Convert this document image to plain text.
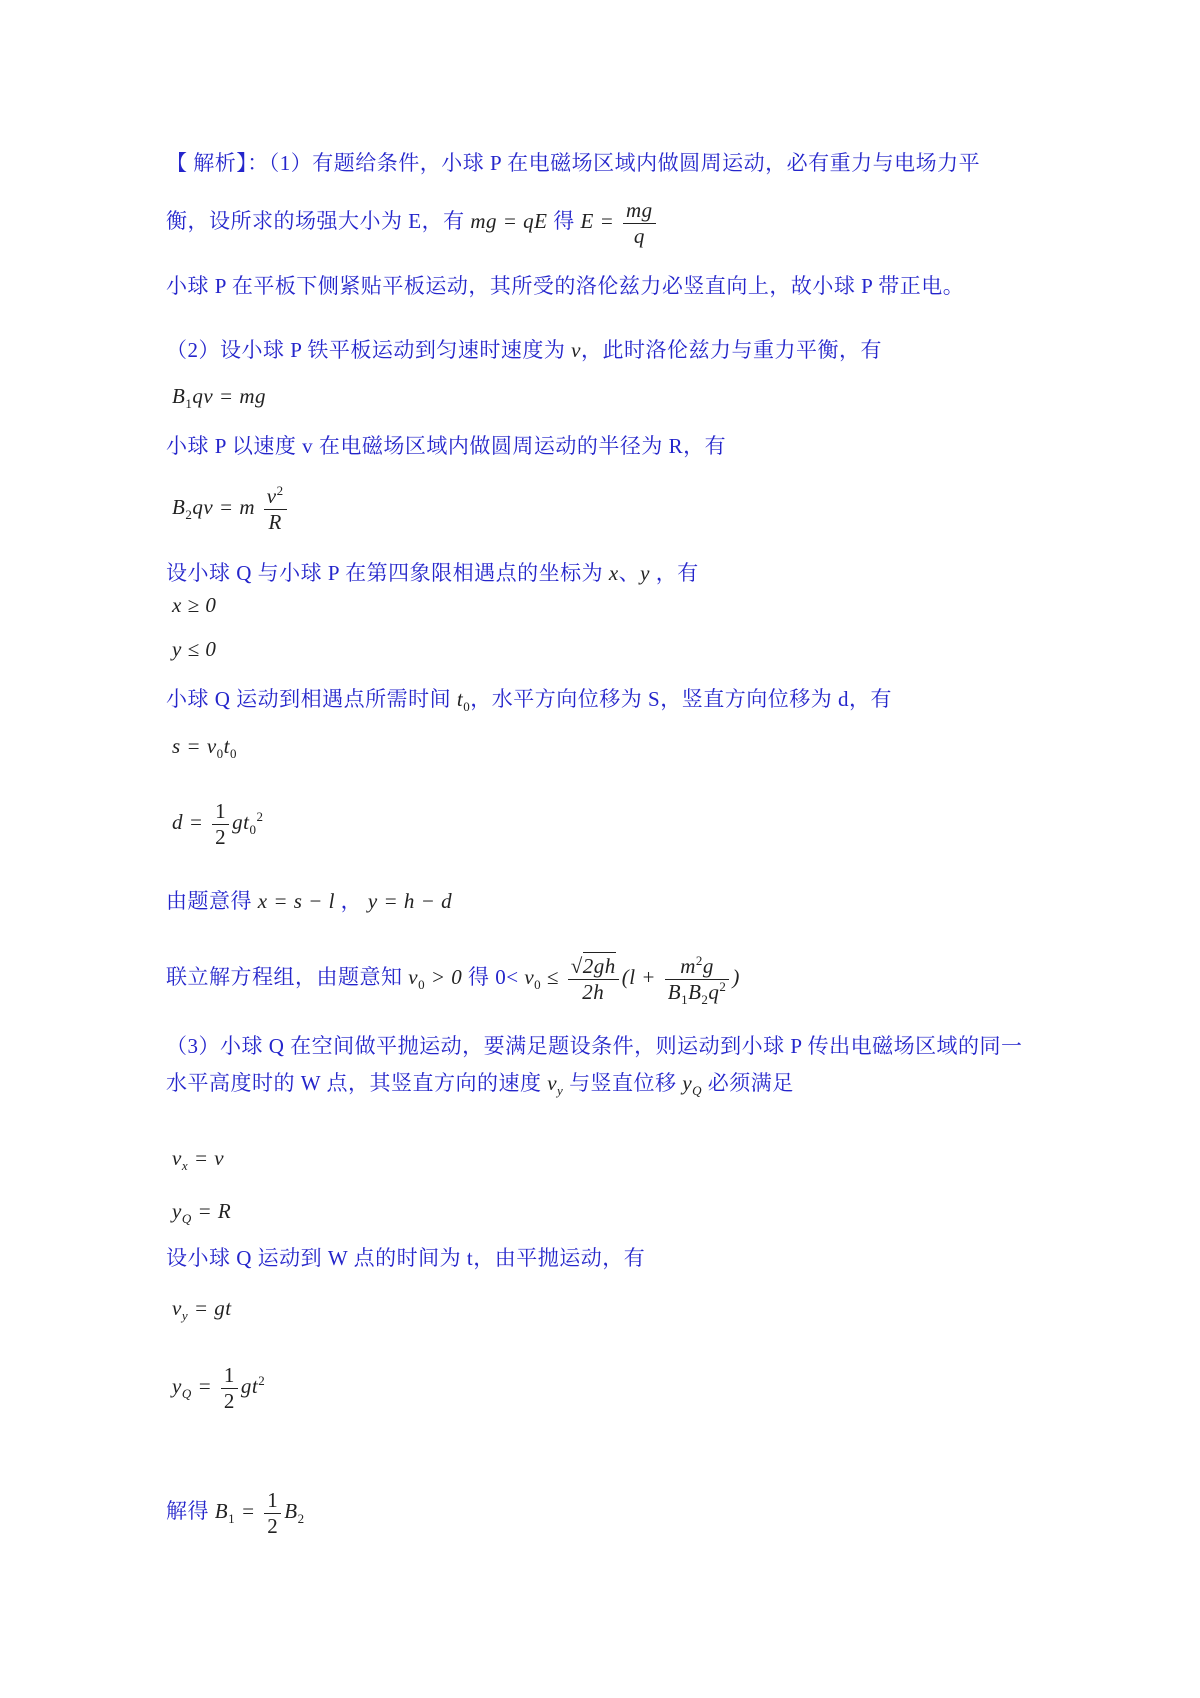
【 解析】：（1）有题给条件，小球 P 在电磁场区域内做圆周运动，必有重力与电场力平
衡，设所求的场强大小为 E，有 mg = qE 得 $E = \frac{mg}{q}$
小球 P 在平板下侧紧贴平板运动，其所受的洛伦兹力必竖直向上，故小球 P 带正电。
（2）设小球 P 铁平板运动到匀速时速度为 v，此时洛伦兹力与重力平衡，有
$B_1qv$ = mg
小球 P 以速度 v 在电磁场区域内做圆周运动的半径为 R，有
$B_2qv = m \frac{v^2}{R}$
设小球 Q 与小球 P 在第四象限相遇点的坐标为 x、y ，有
x ≥ 0
y ≤ 0
小球 Q 运动到相遇点所需时间 $t_0$，水平方向位移为 S，竖直方向位移为 d，有
$s = v_0t_0$
$d = \frac{1}{2} gt_0^2$
由题意得 x = s − l ， y = h − d
联立解方程组，由题意知 $v_0 > 0$ 得 $0< v_0 \le \frac{√2gh}{2h} (l + \frac{m^2g}{B_1B_2q^2}$ )
（3）小球 Q 在空间做平抛运动，要满足题设条件，则运动到小球 P 传出电磁场区域的同一
水平高度时的 W 点，其竖直方向的速度 $v_y$ 与竖直位移 $y_Q$ 必须满足
$v_x = v$
$y_Q = R$
设小球 Q 运动到 W 点的时间为 t，由平抛运动，有
$v_y$ = gt
$y_Q = \frac{1}{2} gt^2$
解得 $B_1 = \frac{1}{2} B_2$
